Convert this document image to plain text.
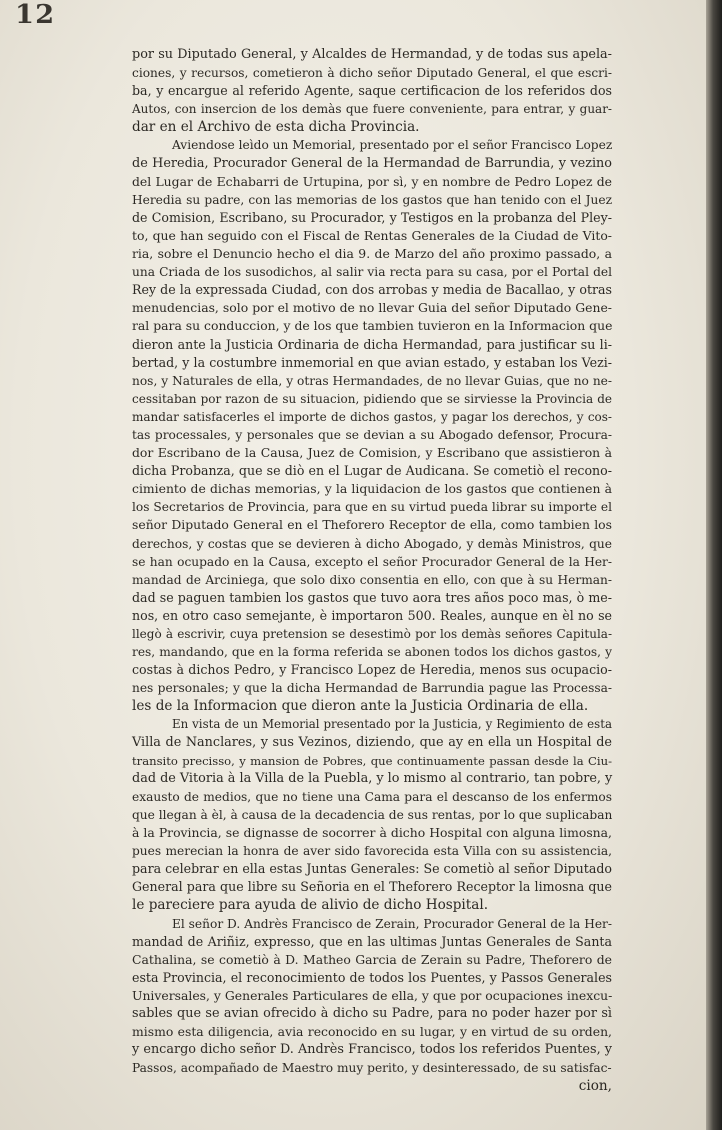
12
por su Diputado General, y Alcaldes de Hermandad, y de todas sus apela-
ciones, y recursos, cometieron à dicho señor Diputado General, el que escri-
ba, y encargue al referido Agente, saque certificacion de los referidos dos
Autos, con insercion de los demàs que fuere conveniente, para entrar, y guar-
dar en el Archivo de esta dicha Provincia.
Aviendose leìdo un Memorial, presentado por el señor Francisco Lopez
de Heredia, Procurador General de la Hermandad de Barrundia, y vezino
del Lugar de Echabarri de Urtupina, por sì, y en nombre de Pedro Lopez de
Heredia su padre, con las memorias de los gastos que han tenido con el Juez
de Comision, Escribano, su Procurador, y Testigos en la probanza del Pley-
to, que han seguido con el Fiscal de Rentas Generales de la Ciudad de Vito-
ria, sobre el Denuncio hecho el dia 9. de Marzo del año proximo passado, a
una Criada de los susodichos, al salir via recta para su casa, por el Portal del
Rey de la expressada Ciudad, con dos arrobas y media de Bacallao, y otras
menudencias, solo por el motivo de no llevar Guia del señor Diputado Gene-
ral para su conduccion, y de los que tambien tuvieron en la Informacion que
dieron ante la Justicia Ordinaria de dicha Hermandad, para justificar su li-
bertad, y la costumbre inmemorial en que avian estado, y estaban los Vezi-
nos, y Naturales de ella, y otras Hermandades, de no llevar Guias, que no ne-
cessitaban por razon de su situacion, pidiendo que se sirviesse la Provincia de
mandar satisfacerles el importe de dichos gastos, y pagar los derechos, y cos-
tas processales, y personales que se devian a su Abogado defensor, Procura-
dor Escribano de la Causa, Juez de Comision, y Escribano que assistieron à
dicha Probanza, que se diò en el Lugar de Audicana. Se cometiò el recono-
cimiento de dichas memorias, y la liquidacion de los gastos que contienen à
los Secretarios de Provincia, para que en su virtud pueda librar su importe el
señor Diputado General en el Theforero Receptor de ella, como tambien los
derechos, y costas que se devieren à dicho Abogado, y demàs Ministros, que
se han ocupado en la Causa, excepto el señor Procurador General de la Her-
mandad de Arciniega, que solo dixo consentia en ello, con que à su Herman-
dad se paguen tambien los gastos que tuvo aora tres años poco mas, ò me-
nos, en otro caso semejante, è importaron 500. Reales, aunque en èl no se
llegò à escrivir, cuya pretension se desestimò por los demàs señores Capitula-
res, mandando, que en la forma referida se abonen todos los dichos gastos, y
costas à dichos Pedro, y Francisco Lopez de Heredia, menos sus ocupacio-
nes personales; y que la dicha Hermandad de Barrundia pague las Processa-
les de la Informacion que dieron ante la Justicia Ordinaria de ella.
En vista de un Memorial presentado por la Justicia, y Regimiento de esta
Villa de Nanclares, y sus Vezinos, diziendo, que ay en ella un Hospital de
transito precisso, y mansion de Pobres, que continuamente passan desde la Ciu-
dad de Vitoria à la Villa de la Puebla, y lo mismo al contrario, tan pobre, y
exausto de medios, que no tiene una Cama para el descanso de los enfermos
que llegan à èl, à causa de la decadencia de sus rentas, por lo que suplicaban
à la Provincia, se dignasse de socorrer à dicho Hospital con alguna limosna,
pues merecian la honra de aver sido favorecida esta Villa con su assistencia,
para celebrar en ella estas Juntas Generales: Se cometiò al señor Diputado
General para que libre su Señoria en el Theforero Receptor la limosna que
le pareciere para ayuda de alivio de dicho Hospital.
El señor D. Andrès Francisco de Zerain, Procurador General de la Her-
mandad de Ariñiz, expresso, que en las ultimas Juntas Generales de Santa
Cathalina, se cometiò à D. Matheo Garcia de Zerain su Padre, Theforero de
esta Provincia, el reconocimiento de todos los Puentes, y Passos Generales
Universales, y Generales Particulares de ella, y que por ocupaciones inexcu-
sables que se avian ofrecido à dicho su Padre, para no poder hazer por sì
mismo esta diligencia, avia reconocido en su lugar, y en virtud de su orden,
y encargo dicho señor D. Andrès Francisco, todos los referidos Puentes, y
Passos, acompañado de Maestro muy perito, y desinteressado, de su satisfac-
cion,
